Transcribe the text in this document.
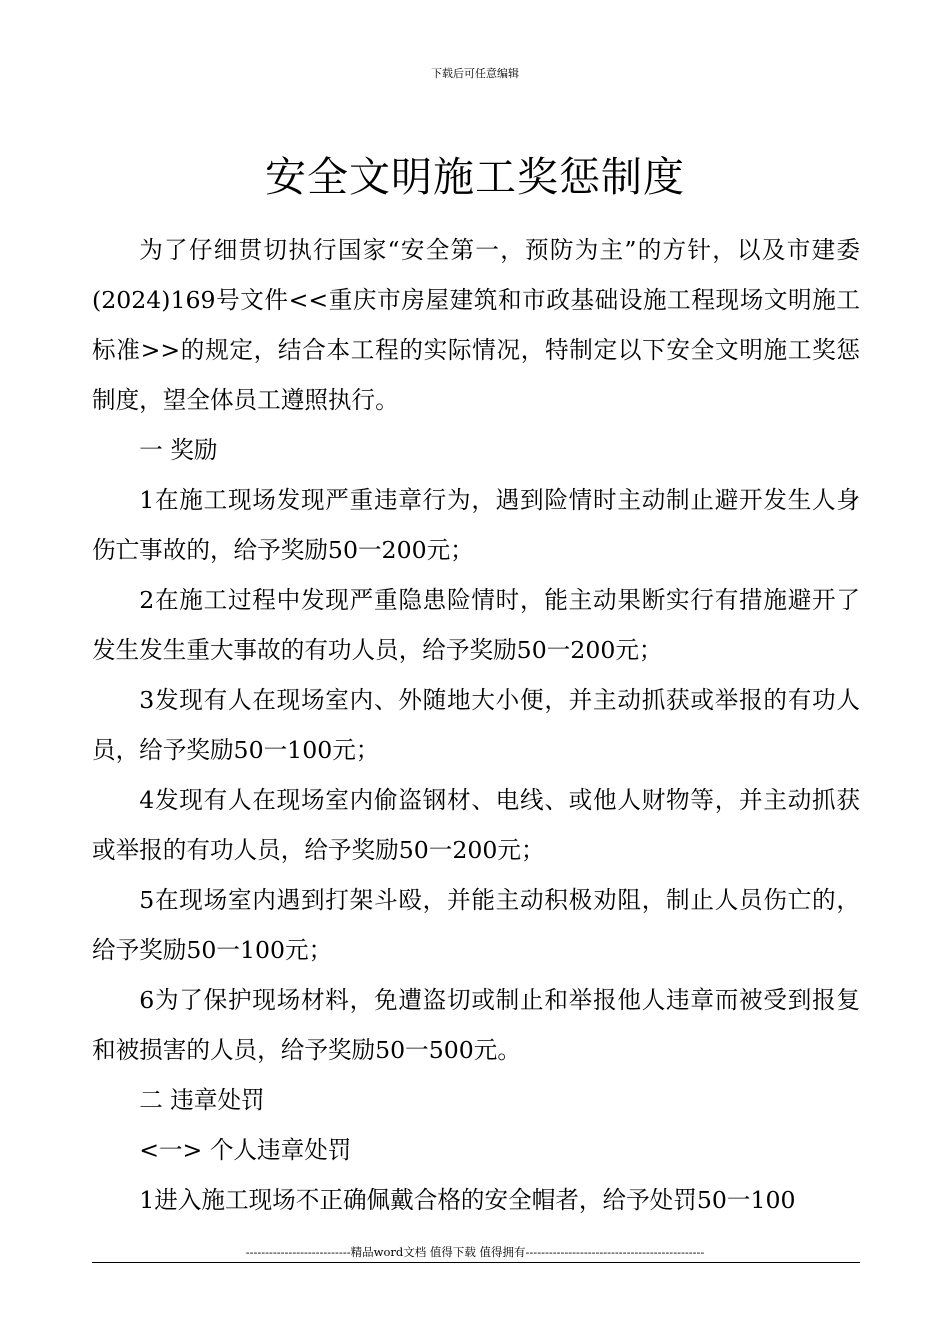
下载后可任意编辑
安全文明施工奖惩制度

为了仔细贯切执行国家“安全第一，预防为主”的方针，以及市建委(2024)169号文件<<重庆市房屋建筑和市政基础设施工程现场文明施工标准>>的规定，结合本工程的实际情况，特制定以下安全文明施工奖惩制度，望全体员工遵照执行。

一 奖励

1在施工现场发现严重违章行为，遇到险情时主动制止避开发生人身伤亡事故的，给予奖励50一200元；

2在施工过程中发现严重隐患险情时，能主动果断实行有措施避开了发生发生重大事故的有功人员，给予奖励50一200元；

3发现有人在现场室内、外随地大小便，并主动抓获或举报的有功人员，给予奖励50一100元；

4发现有人在现场室内偷盗钢材、电线、或他人财物等，并主动抓获或举报的有功人员，给予奖励50一200元；

5在现场室内遇到打架斗殴，并能主动积极劝阻，制止人员伤亡的，给予奖励50一100元；

6为了保护现场材料，免遭盗切或制止和举报他人违章而被受到报复和被损害的人员，给予奖励50一500元。

二 违章处罚

<一> 个人违章处罚

1进入施工现场不正确佩戴合格的安全帽者，给予处罚50一100

---------------------------精品word文档 值得下载 值得拥有----------------------------------------------
